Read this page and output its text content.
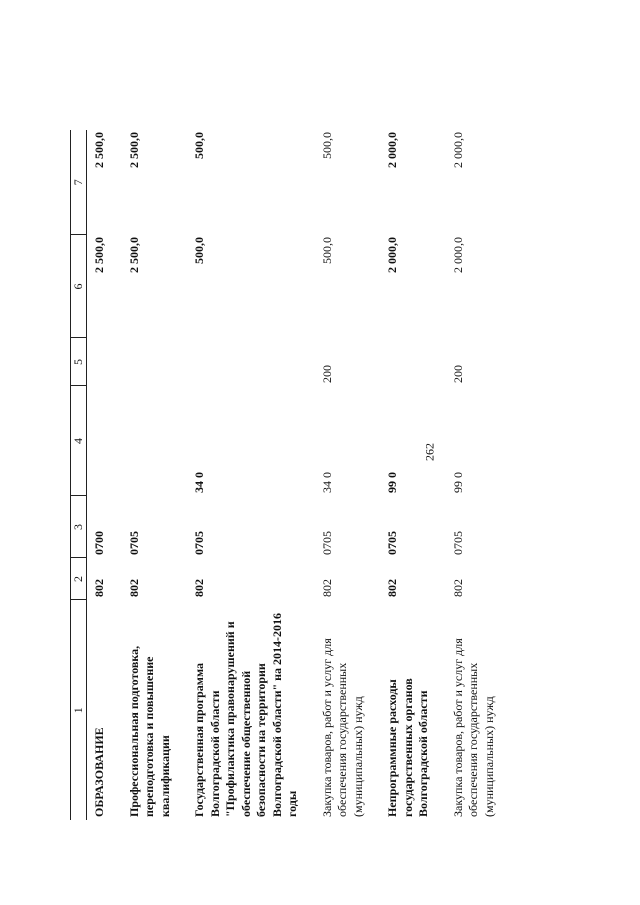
262
1	2	3	4	5	6	7
ОБРАЗОВАНИЕ	802	0700			2 500,0	2 500,0
Профессиональная подготовка, переподготовка и повышение квалификации	802	0705			2 500,0	2 500,0
Государственная программа Волгоградской области "Профилактика правонарушений и обеспечение общественной безопасности на территории Волгоградской области" на 2014-2016 годы	802	0705	34 0		500,0	500,0
Закупка товаров, работ и услуг для обеспечения государственных (муниципальных) нужд	802	0705	34 0	200	500,0	500,0
Непрограммные расходы государственных органов Волгоградской области	802	0705	99 0		2 000,0	2 000,0
Закупка товаров, работ и услуг для обеспечения государственных (муниципальных) нужд	802	0705	99 0	200	2 000,0	2 000,0
